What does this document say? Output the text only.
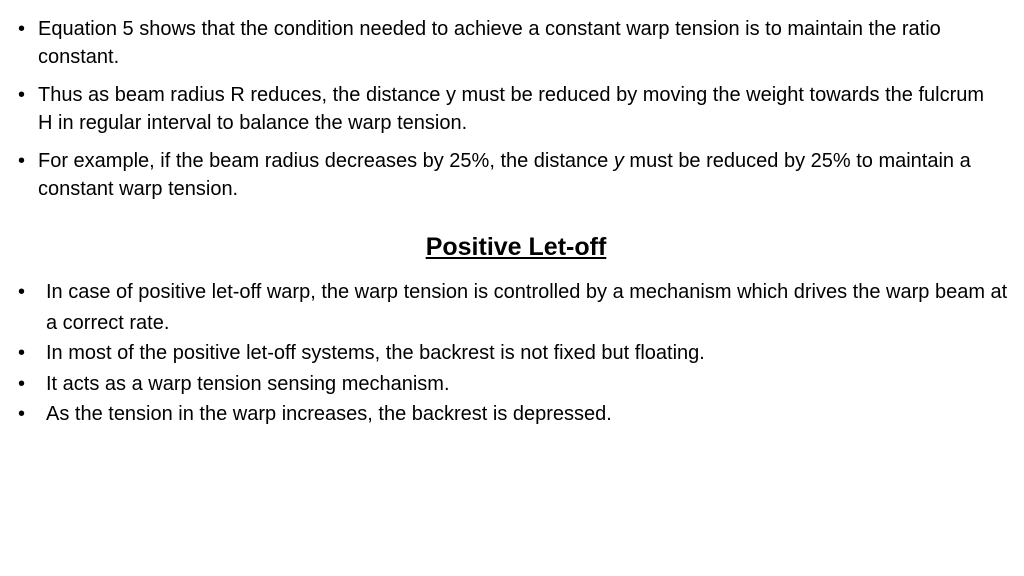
• Equation 5 shows that the condition needed to achieve a constant warp tension is to maintain the ratio constant.
• Thus as beam radius R reduces, the distance y must be reduced by moving the weight towards the fulcrum H in regular interval to balance the warp tension.
• For example, if the beam radius decreases by 25%, the distance y must be reduced by 25% to maintain a constant warp tension.
Positive Let-off
• In case of positive let-off warp, the warp tension is controlled by a mechanism which drives the warp beam at a correct rate.
• In most of the positive let-off systems, the backrest is not fixed but floating.
• It acts as a warp tension sensing mechanism.
• As the tension in the warp increases, the backrest is depressed.
